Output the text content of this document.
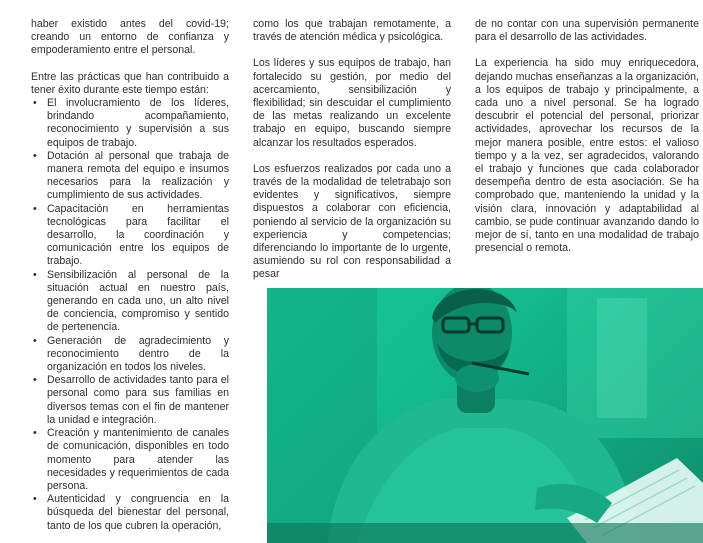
haber existido antes del covid-19; creando un entorno de confianza y empoderamiento entre el personal.

Entre las prácticas que han contribuido a tener éxito durante este tiempo están:

• El involucramiento de los líderes, brindando acompañamiento, reconocimiento y supervisión a sus equipos de trabajo.
• Dotación al personal que trabaja de manera remota del equipo e insumos necesarios para la realización y cumplimiento de sus actividades.
• Capacitación en herramientas tecnológicas para facilitar el desarrollo, la coordinación y comunicación entre los equipos de trabajo.
• Sensibilización al personal de la situación actual en nuestro país, generando en cada uno, un alto nivel de conciencia, compromiso y sentido de pertenencia.
• Generación de agradecimiento y reconocimiento dentro de la organización en todos los niveles.
• Desarrollo de actividades tanto para el personal como para sus familias en diversos temas con el fin de mantener la unidad e integración.
• Creación y mantenimiento de canales de comunicación, disponibles en todo momento para atender las necesidades y requerimientos de cada persona.
• Autenticidad y congruencia en la búsqueda del bienestar del personal, tanto de los que cubren la operación,

como los que trabajan remotamente, a través de atención médica y psicológica.

Los líderes y sus equipos de trabajo, han fortalecido su gestión, por medio del acercamiento, sensibilización y flexibilidad; sin descuidar el cumplimiento de las metas realizando un excelente trabajo en equipo, buscando siempre alcanzar los resultados esperados.

Los esfuerzos realizados por cada uno a través de la modalidad de teletrabajo son evidentes y significativos, siempre dispuestos a colaborar con eficiencia, poniendo al servicio de la organización su experiencia y competencias; diferenciando lo importante de lo urgente, asumiendo su rol con responsabilidad a pesar

de no contar con una supervisión permanente para el desarrollo de las actividades.

La experiencia ha sido muy enriquecedora, dejando muchas enseñanzas a la organización, a los equipos de trabajo y principalmente, a cada uno a nivel personal. Se ha logrado descubrir el potencial del personal, priorizar actividades, aprovechar los recursos de la mejor manera posible, entre estos: el valioso tiempo y a la vez, ser agradecidos, valorando el trabajo y funciones que cada colaborador desempeña dentro de esta asociación. Se ha comprobado que, manteniendo la unidad y la visión clara, innovación y adaptabilidad al cambio, se pude continuar avanzando dando lo mejor de sí, tanto en una modalidad de trabajo presencial o remota.
